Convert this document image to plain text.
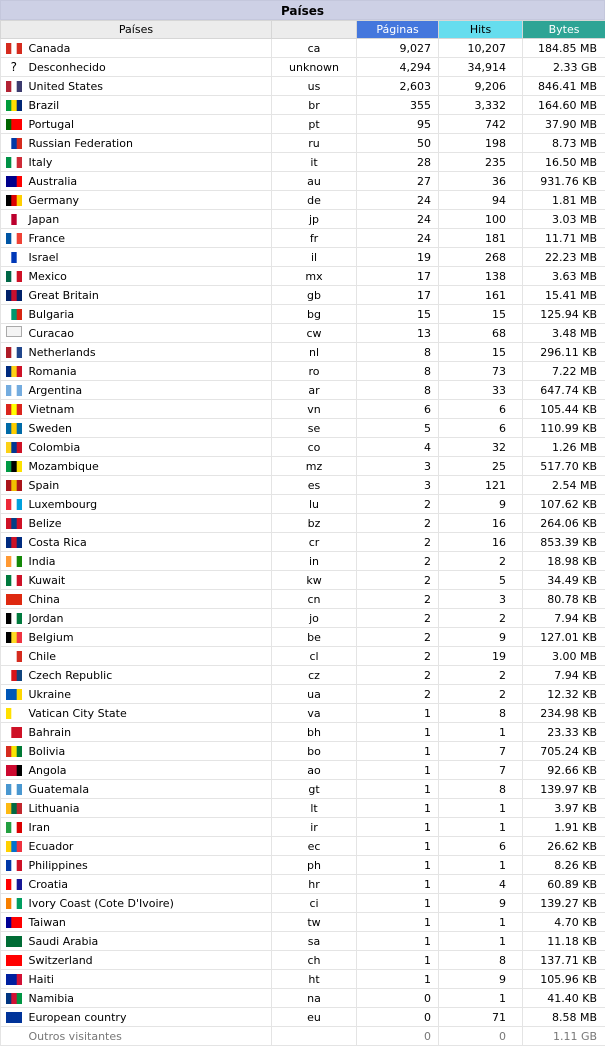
Países
Países			Páginas	Hits	Bytes
	Canada	ca	9,027	10,207	184.85 MB
?	Desconhecido	unknown	4,294	34,914	2.33 GB
	United States	us	2,603	9,206	846.41 MB
	Brazil	br	355	3,332	164.60 MB
	Portugal	pt	95	742	37.90 MB
	Russian Federation	ru	50	198	8.73 MB
	Italy	it	28	235	16.50 MB
	Australia	au	27	36	931.76 KB
	Germany	de	24	94	1.81 MB
	Japan	jp	24	100	3.03 MB
	France	fr	24	181	11.71 MB
	Israel	il	19	268	22.23 MB
	Mexico	mx	17	138	3.63 MB
	Great Britain	gb	17	161	15.41 MB
	Bulgaria	bg	15	15	125.94 KB
	Curacao	cw	13	68	3.48 MB
	Netherlands	nl	8	15	296.11 KB
	Romania	ro	8	73	7.22 MB
	Argentina	ar	8	33	647.74 KB
	Vietnam	vn	6	6	105.44 KB
	Sweden	se	5	6	110.99 KB
	Colombia	co	4	32	1.26 MB
	Mozambique	mz	3	25	517.70 KB
	Spain	es	3	121	2.54 MB
	Luxembourg	lu	2	9	107.62 KB
	Belize	bz	2	16	264.06 KB
	Costa Rica	cr	2	16	853.39 KB
	India	in	2	2	18.98 KB
	Kuwait	kw	2	5	34.49 KB
	China	cn	2	3	80.78 KB
	Jordan	jo	2	2	7.94 KB
	Belgium	be	2	9	127.01 KB
	Chile	cl	2	19	3.00 MB
	Czech Republic	cz	2	2	7.94 KB
	Ukraine	ua	2	2	12.32 KB
	Vatican City State	va	1	8	234.98 KB
	Bahrain	bh	1	1	23.33 KB
	Bolivia	bo	1	7	705.24 KB
	Angola	ao	1	7	92.66 KB
	Guatemala	gt	1	8	139.97 KB
	Lithuania	lt	1	1	3.97 KB
	Iran	ir	1	1	1.91 KB
	Ecuador	ec	1	6	26.62 KB
	Philippines	ph	1	1	8.26 KB
	Croatia	hr	1	4	60.89 KB
	Ivory Coast (Cote D'Ivoire)	ci	1	9	139.27 KB
	Taiwan	tw	1	1	4.70 KB
	Saudi Arabia	sa	1	1	11.18 KB
	Switzerland	ch	1	8	137.71 KB
	Haiti	ht	1	9	105.96 KB
	Namibia	na	0	1	41.40 KB
	European country	eu	0	71	8.58 MB
	Outros visitantes		0	0	1.11 GB
